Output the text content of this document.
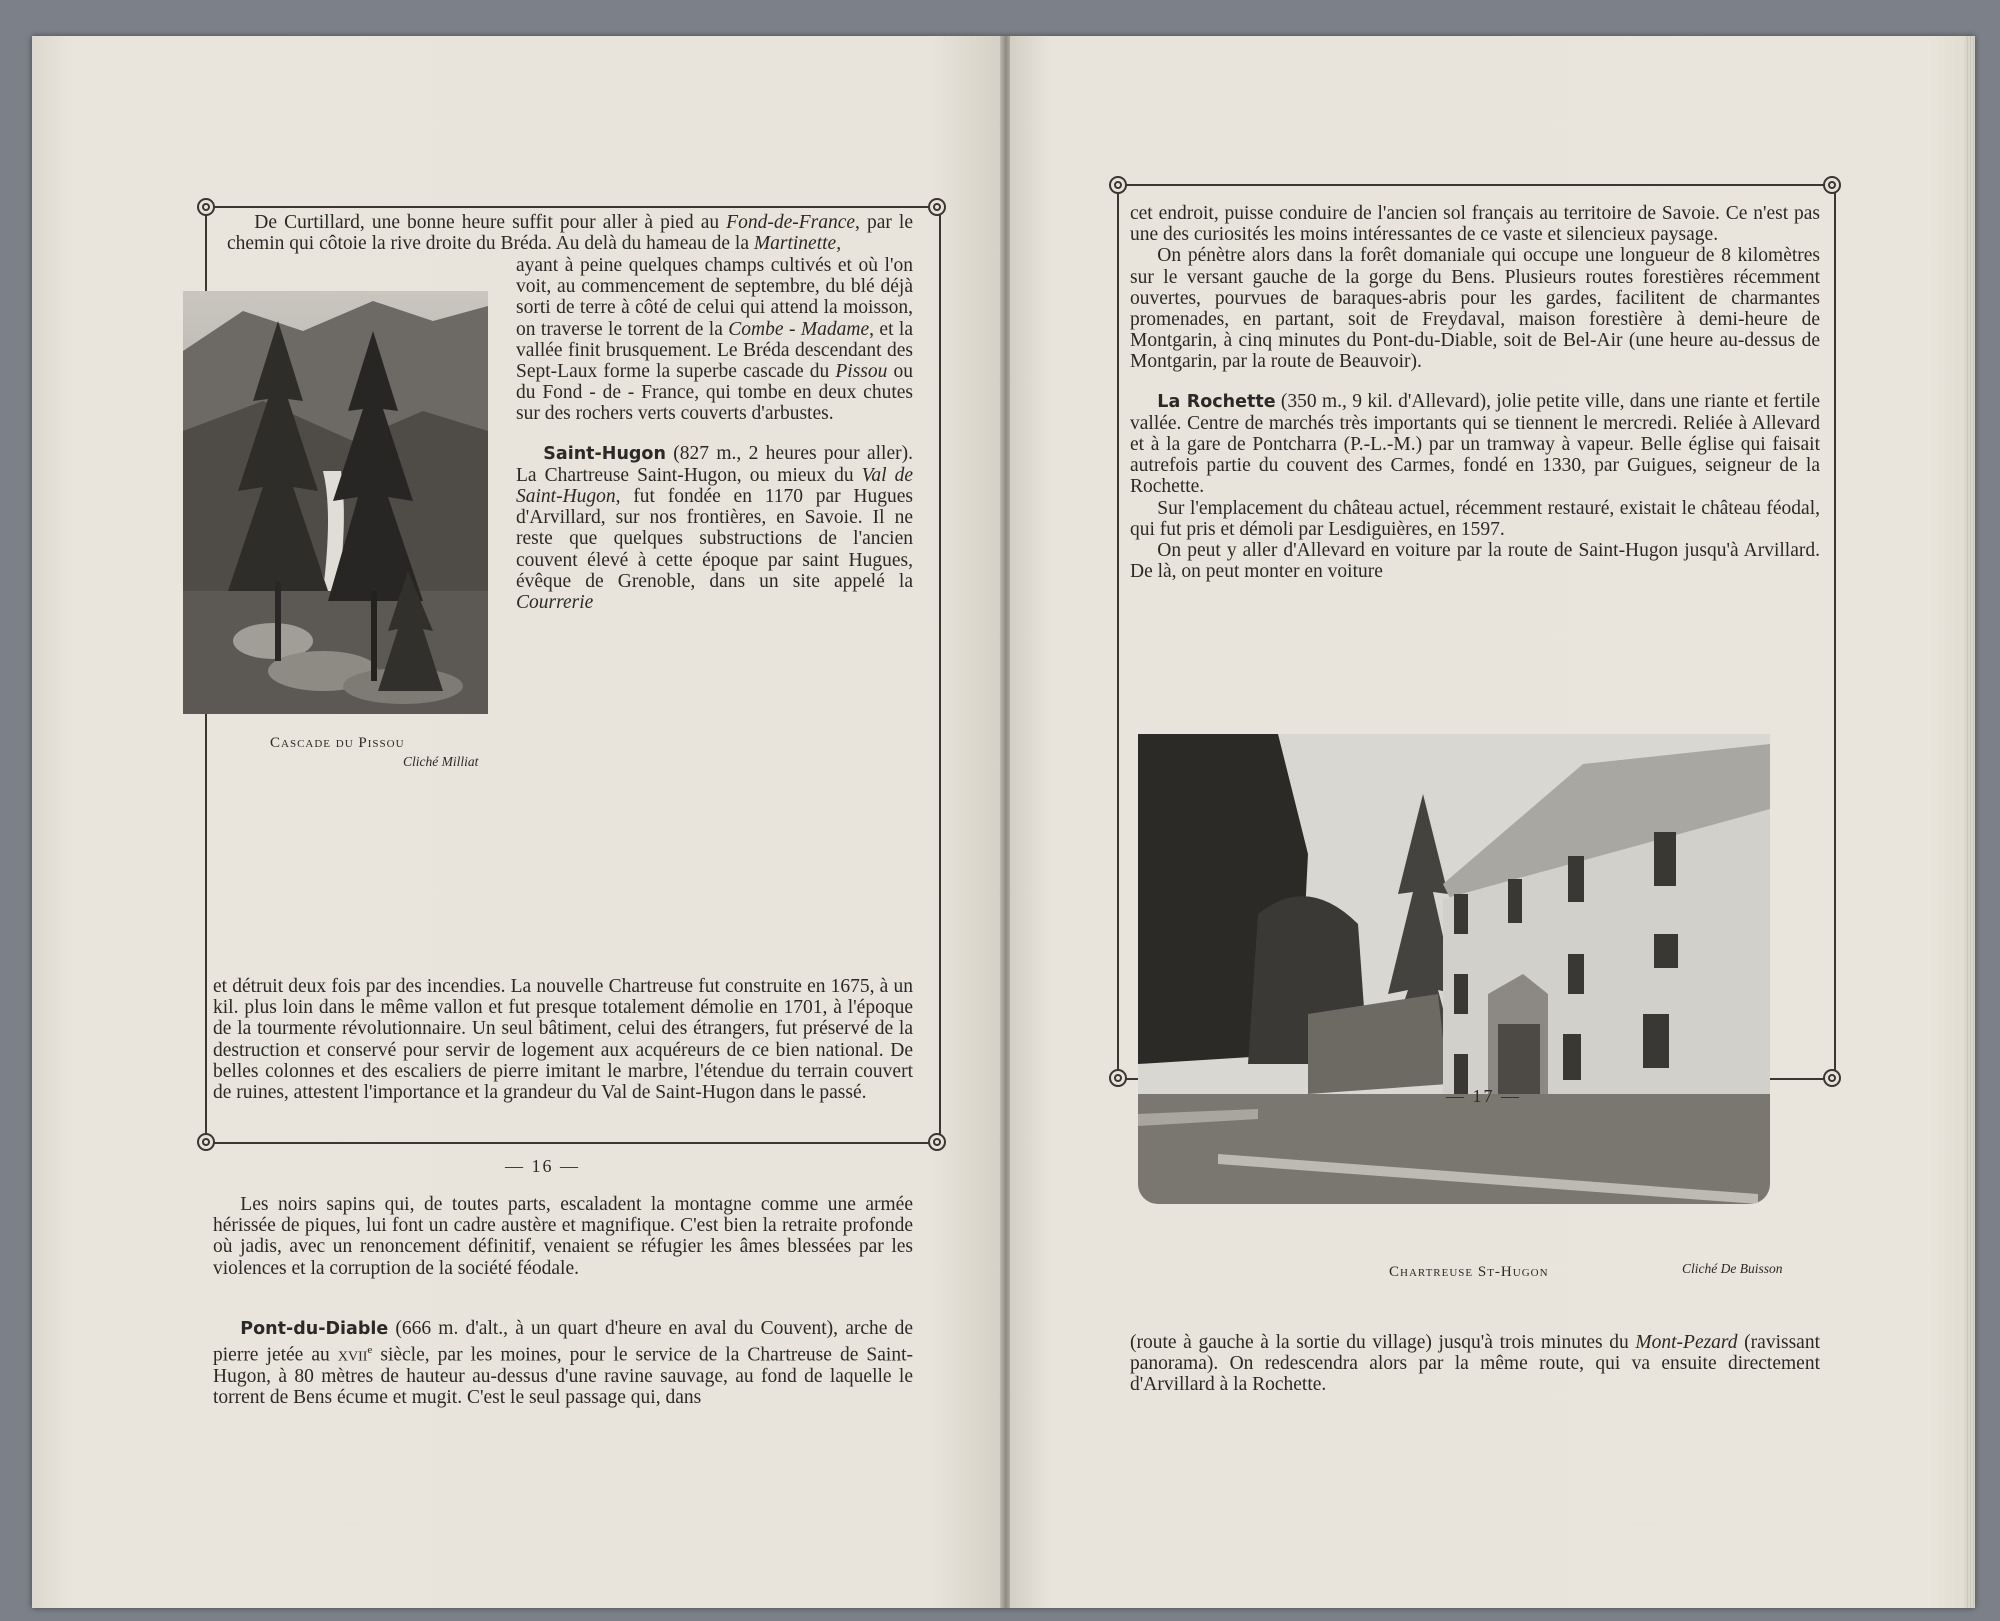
De Curtillard, une bonne heure suffit pour aller à pied au Fond-de-France, par le chemin qui côtoie la rive droite du Bréda. Au delà du hameau de la Martinette,

Cascade du Pissou
Cliché Milliat

ayant à peine quelques champs cultivés et où l'on voit, au commencement de septembre, du blé déjà sorti de terre à côté de celui qui attend la moisson, on traverse le torrent de la Combe - Madame, et la vallée finit brusquement. Le Bréda descendant des Sept-Laux forme la superbe cascade du Pissou ou du Fond - de - France, qui tombe en deux chutes sur des rochers verts couverts d'arbustes.

Saint-Hugon (827 m., 2 heures pour aller). La Chartreuse Saint-Hugon, ou mieux du Val de Saint-Hugon, fut fondée en 1170 par Hugues d'Arvillard, sur nos frontières, en Savoie. Il ne reste que quelques substructions de l'ancien couvent élevé à cette époque par saint Hugues, évêque de Grenoble, dans un site appelé la Courrerie

et détruit deux fois par des incendies. La nouvelle Chartreuse fut construite en 1675, à un kil. plus loin dans le même vallon et fut presque totalement démolie en 1701, à l'époque de la tourmente révolutionnaire. Un seul bâtiment, celui des étrangers, fut préservé de la destruction et conservé pour servir de logement aux acquéreurs de ce bien national. De belles colonnes et des escaliers de pierre imitant le marbre, l'étendue du terrain couvert de ruines, attestent l'importance et la grandeur du Val de Saint-Hugon dans le passé.

Les noirs sapins qui, de toutes parts, escaladent la montagne comme une armée hérissée de piques, lui font un cadre austère et magnifique. C'est bien la retraite profonde où jadis, avec un renoncement définitif, venaient se réfugier les âmes blessées par les violences et la corruption de la société féodale.

Pont-du-Diable (666 m. d'alt., à un quart d'heure en aval du Couvent), arche de pierre jetée au xvii$^e$ siècle, par les moines, pour le service de la Chartreuse de Saint-Hugon, à 80 mètres de hauteur au-dessus d'une ravine sauvage, au fond de laquelle le torrent de Bens écume et mugit. C'est le seul passage qui, dans

— 16 —

cet endroit, puisse conduire de l'ancien sol français au territoire de Savoie. Ce n'est pas une des curiosités les moins intéressantes de ce vaste et silencieux paysage.

On pénètre alors dans la forêt domaniale qui occupe une longueur de 8 kilomètres sur le versant gauche de la gorge du Bens. Plusieurs routes forestières récemment ouvertes, pourvues de baraques-abris pour les gardes, facilitent de charmantes promenades, en partant, soit de Freydaval, maison forestière à demi-heure de Montgarin, à cinq minutes du Pont-du-Diable, soit de Bel-Air (une heure au-dessus de Montgarin, par la route de Beauvoir).

La Rochette (350 m., 9 kil. d'Allevard), jolie petite ville, dans une riante et fertile vallée. Centre de marchés très importants qui se tiennent le mercredi. Reliée à Allevard et à la gare de Pontcharra (P.-L.-M.) par un tramway à vapeur. Belle église qui faisait autrefois partie du couvent des Carmes, fondé en 1330, par Guigues, seigneur de la Rochette.

Sur l'emplacement du château actuel, récemment restauré, existait le château féodal, qui fut pris et démoli par Lesdiguières, en 1597.

On peut y aller d'Allevard en voiture par la route de Saint-Hugon jusqu'à Arvillard. De là, on peut monter en voiture

Chartreuse St-Hugon	Cliché De Buisson

(route à gauche à la sortie du village) jusqu'à trois minutes du Mont-Pezard (ravissant panorama). On redescendra alors par la même route, qui va ensuite directement d'Arvillard à la Rochette.

— 17 —
